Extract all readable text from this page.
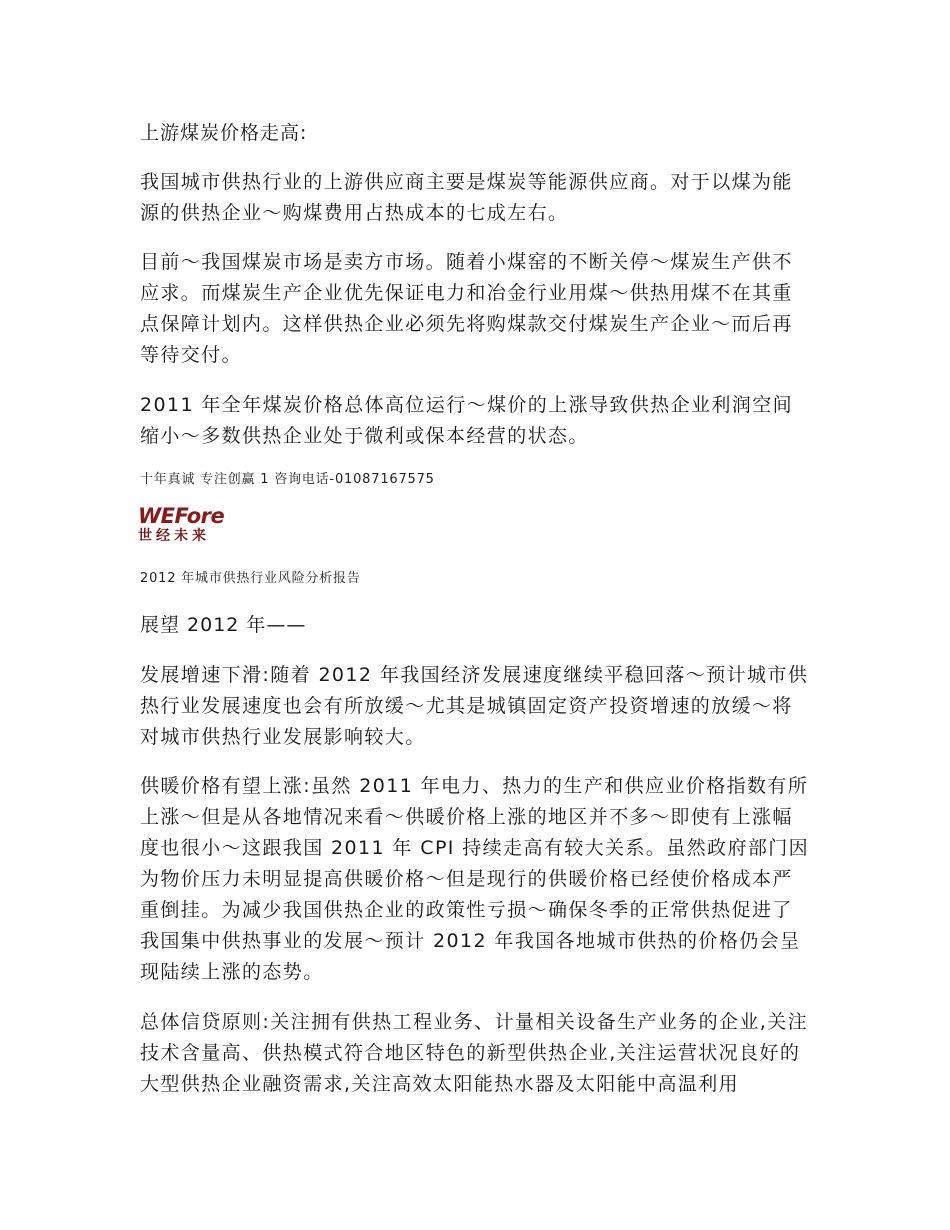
上游煤炭价格走高:

我国城市供热行业的上游供应商主要是煤炭等能源供应商。对于以煤为能源的供热企业～购煤费用占热成本的七成左右。

目前～我国煤炭市场是卖方市场。随着小煤窑的不断关停～煤炭生产供不应求。而煤炭生产企业优先保证电力和冶金行业用煤～供热用煤不在其重点保障计划内。这样供热企业必须先将购煤款交付煤炭生产企业～而后再等待交付。

2011 年全年煤炭价格总体高位运行～煤价的上涨导致供热企业利润空间缩小～多数供热企业处于微利或保本经营的状态。

十年真诚 专注创赢 1 咨询电话-01087167575
WEFore
世经未来
2012 年城市供热行业风险分析报告
展望 2012 年——

发展增速下滑:随着 2012 年我国经济发展速度继续平稳回落～预计城市供热行业发展速度也会有所放缓～尤其是城镇固定资产投资增速的放缓～将对城市供热行业发展影响较大。

供暖价格有望上涨:虽然 2011 年电力、热力的生产和供应业价格指数有所上涨～但是从各地情况来看～供暖价格上涨的地区并不多～即使有上涨幅度也很小～这跟我国 2011 年 CPI 持续走高有较大关系。虽然政府部门因为物价压力未明显提高供暖价格～但是现行的供暖价格已经使价格成本严重倒挂。为减少我国供热企业的政策性亏损～确保冬季的正常供热促进了我国集中供热事业的发展～预计 2012 年我国各地城市供热的价格仍会呈现陆续上涨的态势。

总体信贷原则:关注拥有供热工程业务、计量相关设备生产业务的企业,关注技术含量高、供热模式符合地区特色的新型供热企业,关注运营状况良好的大型供热企业融资需求,关注高效太阳能热水器及太阳能中高温利用
